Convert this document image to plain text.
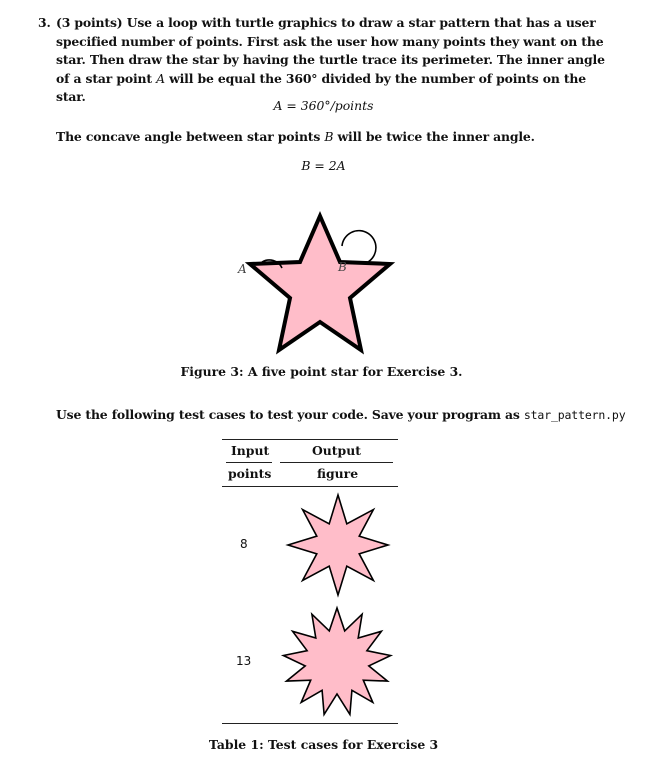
3. (3 points) Use a loop with turtle graphics to draw a star pattern that has a user specified number of points. First ask the user how many points they want on the star. Then draw the star by having the turtle trace its perimeter. The inner angle of a star point A will be equal the 360° divided by the number of points on the star.
A = 360°/points
The concave angle between star points B will be twice the inner angle.
B = 2A
A	B
Figure 3: A five point star for Exercise 3.
Use the following test cases to test your code. Save your program as star_pattern.py
Input	Output
points	figure
8
13
Table 1: Test cases for Exercise 3
